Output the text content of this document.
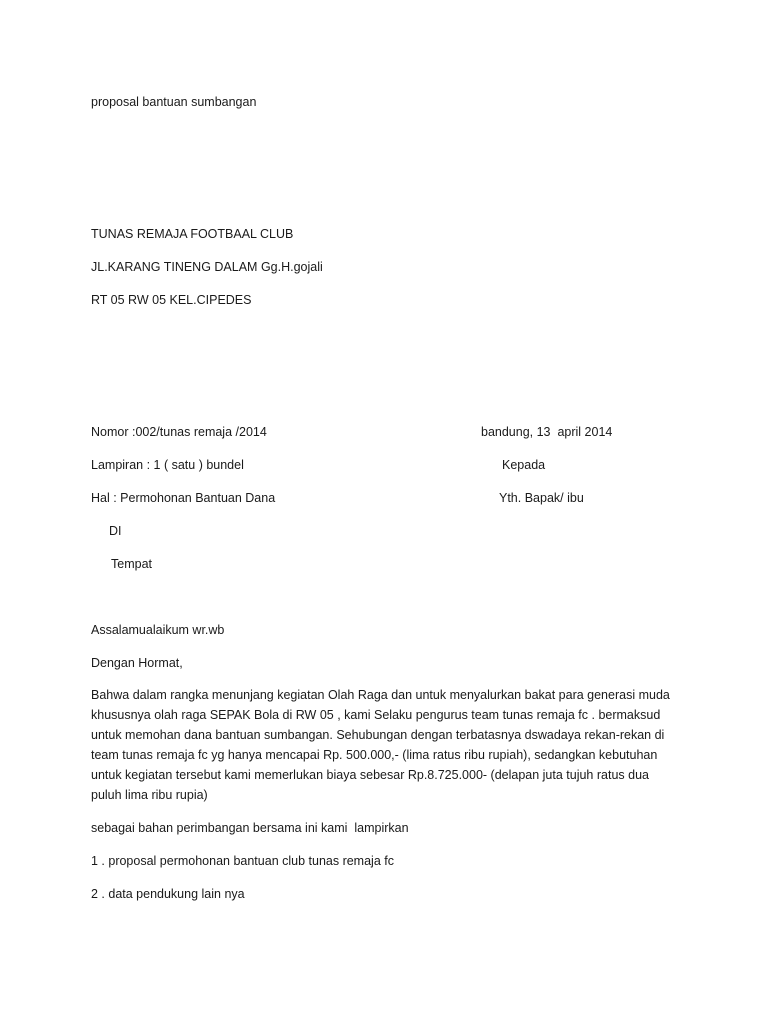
proposal bantuan sumbangan
TUNAS REMAJA FOOTBAAL CLUB
JL.KARANG TINENG DALAM Gg.H.gojali
RT 05 RW 05 KEL.CIPEDES
Nomor :002/tunas remaja /2014	bandung, 13  april 2014
Lampiran : 1 ( satu ) bundel	Kepada
Hal : Permohonan Bantuan Dana	Yth. Bapak/ ibu
DI
Tempat
Assalamualaikum wr.wb
Dengan Hormat,
Bahwa dalam rangka menunjang kegiatan Olah Raga dan untuk menyalurkan bakat para generasi muda
khususnya olah raga SEPAK Bola di RW 05 , kami Selaku pengurus team tunas remaja fc . bermaksud
untuk memohan dana bantuan sumbangan. Sehubungan dengan terbatasnya dswadaya rekan-rekan di
team tunas remaja fc yg hanya mencapai Rp. 500.000,- (lima ratus ribu rupiah), sedangkan kebutuhan
untuk kegiatan tersebut kami memerlukan biaya sebesar Rp.8.725.000- (delapan juta tujuh ratus dua
puluh lima ribu rupia)
sebagai bahan perimbangan bersama ini kami  lampirkan
1 . proposal permohonan bantuan club tunas remaja fc
2 . data pendukung lain nya
